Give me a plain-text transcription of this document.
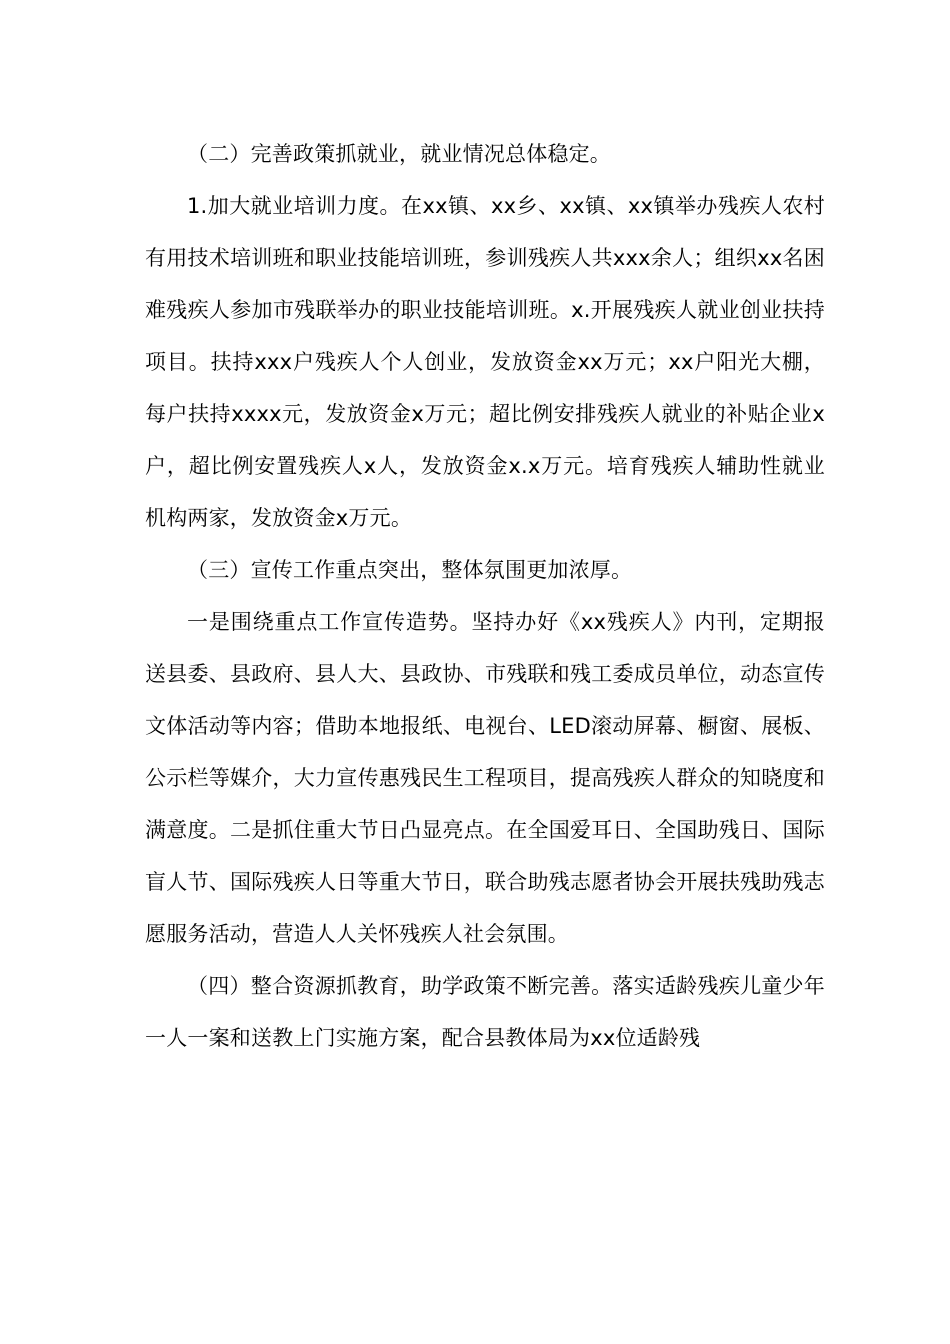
（二）完善政策抓就业，就业情况总体稳定。

1.加大就业培训力度。在xx镇、xx乡、xx镇、xx镇举办残疾人农村有用技术培训班和职业技能培训班，参训残疾人共xxx余人；组织xx名困难残疾人参加市残联举办的职业技能培训班。x.开展残疾人就业创业扶持项目。扶持xxx户残疾人个人创业，发放资金xx万元；xx户阳光大棚，每户扶持xxxx元，发放资金x万元；超比例安排残疾人就业的补贴企业x户，超比例安置残疾人x人，发放资金x.x万元。培育残疾人辅助性就业机构两家，发放资金x万元。

（三）宣传工作重点突出，整体氛围更加浓厚。

一是围绕重点工作宣传造势。坚持办好《xx残疾人》内刊，定期报送县委、县政府、县人大、县政协、市残联和残工委成员单位，动态宣传文体活动等内容；借助本地报纸、电视台、LED滚动屏幕、橱窗、展板、公示栏等媒介，大力宣传惠残民生工程项目，提高残疾人群众的知晓度和满意度。二是抓住重大节日凸显亮点。在全国爱耳日、全国助残日、国际盲人节、国际残疾人日等重大节日，联合助残志愿者协会开展扶残助残志愿服务活动，营造人人关怀残疾人社会氛围。

（四）整合资源抓教育，助学政策不断完善。落实适龄残疾儿童少年一人一案和送教上门实施方案，配合县教体局为xx位适龄残
